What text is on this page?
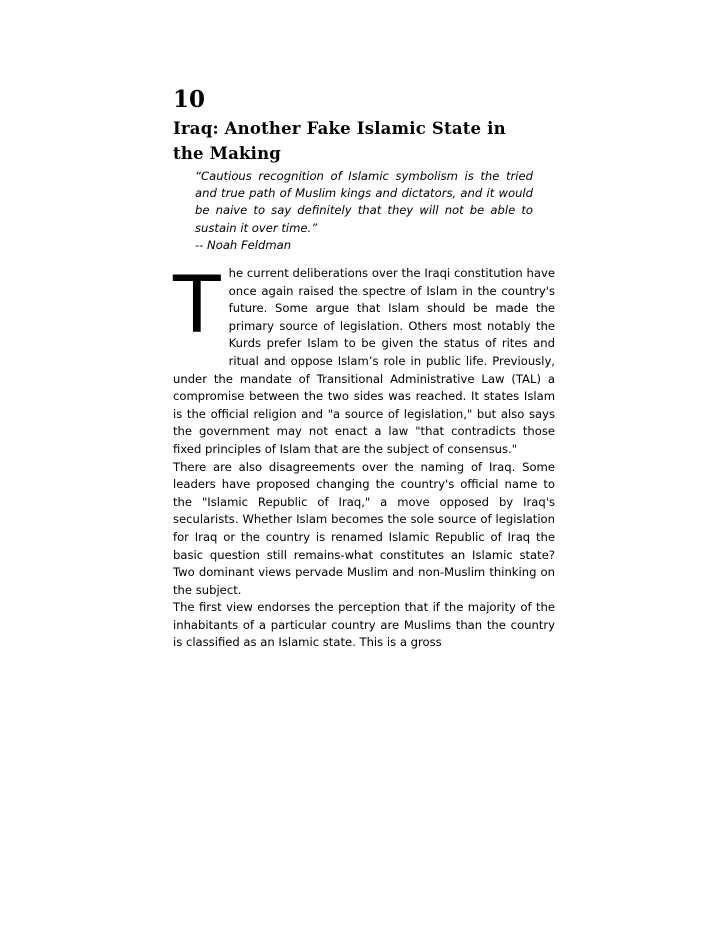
10
Iraq: Another Fake Islamic State in the Making
“Cautious recognition of Islamic symbolism is the tried and true path of Muslim kings and dictators, and it would be naive to say definitely that they will not be able to sustain it over time.”
-- Noah Feldman

The current deliberations over the Iraqi constitution have once again raised the spectre of Islam in the country's future. Some argue that Islam should be made the primary source of legislation. Others most notably the Kurds prefer Islam to be given the status of rites and ritual and oppose Islam’s role in public life. Previously, under the mandate of Transitional Administrative Law (TAL) a compromise between the two sides was reached. It states Islam is the official religion and "a source of legislation," but also says the government may not enact a law "that contradicts those fixed principles of Islam that are the subject of consensus."

There are also disagreements over the naming of Iraq. Some leaders have proposed changing the country's official name to the "Islamic Republic of Iraq," a move opposed by Iraq's secularists. Whether Islam becomes the sole source of legislation for Iraq or the country is renamed Islamic Republic of Iraq the basic question still remains-what constitutes an Islamic state? Two dominant views pervade Muslim and non-Muslim thinking on the subject.

The first view endorses the perception that if the majority of the inhabitants of a particular country are Muslims than the country is classified as an Islamic state. This is a gross
